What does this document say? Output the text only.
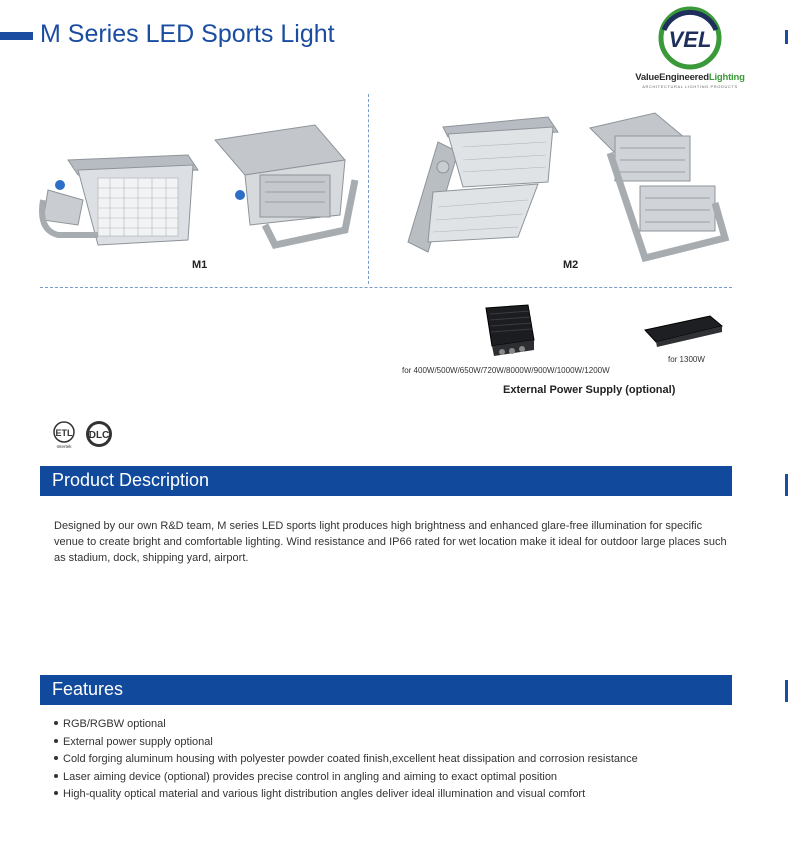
M Series LED Sports Light	VEL
ValueEngineeredLighting
ARCHITECTURAL LIGHTING PRODUCTS
M1	M2
for 400W/500W/650W/720W/8000W/900W/1000W/1200W
for 1300W
External Power Supply (optional)
ETL
Intertek
DLC
Product Description
Designed by our own R&D team, M series LED sports light produces high brightness and enhanced glare-free illumination for specific venue to create bright and comfortable lighting. Wind resistance and IP66 rated for wet location make it ideal for outdoor large places such as stadium, dock, shipping yard, airport.
Features
RGB/RGBW optional
External power supply optional
Cold forging aluminum housing with polyester powder coated finish,excellent heat dissipation and corrosion resistance
Laser aiming device (optional) provides precise control in angling and aiming to exact optimal position
High-quality optical material and various light distribution angles deliver ideal illumination and visual comfort
